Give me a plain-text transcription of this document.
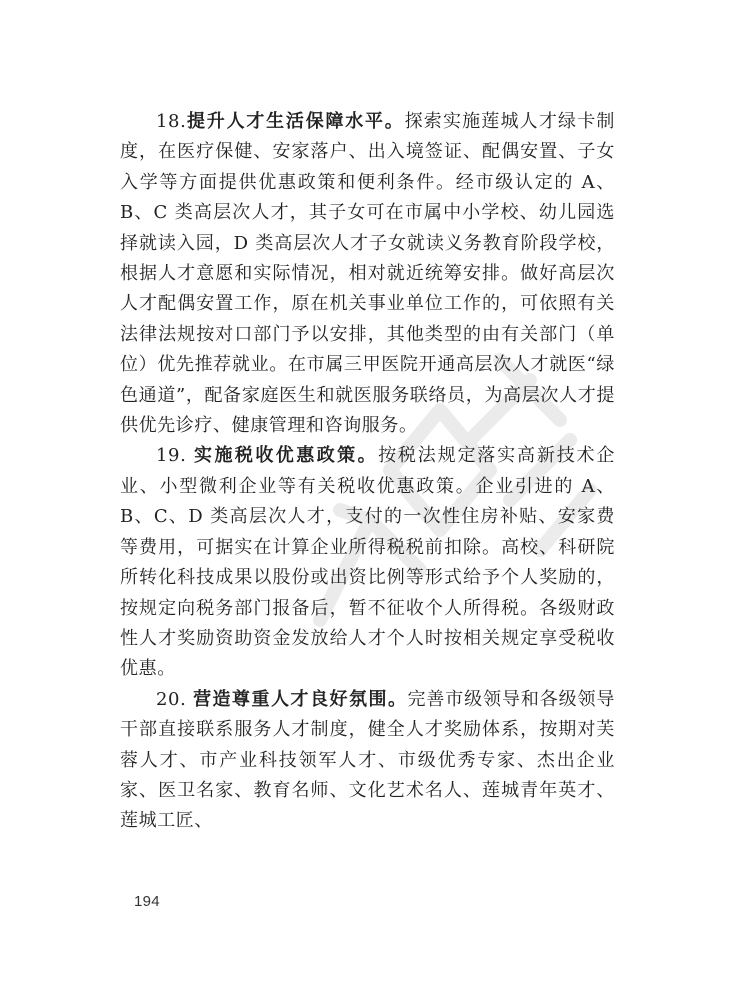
18.提升人才生活保障水平。探索实施莲城人才绿卡制度，在医疗保健、安家落户、出入境签证、配偶安置、子女入学等方面提供优惠政策和便利条件。经市级认定的 A、B、C 类高层次人才，其子女可在市属中小学校、幼儿园选择就读入园，D 类高层次人才子女就读义务教育阶段学校，根据人才意愿和实际情况，相对就近统筹安排。做好高层次人才配偶安置工作，原在机关事业单位工作的，可依照有关法律法规按对口部门予以安排，其他类型的由有关部门（单位）优先推荐就业。在市属三甲医院开通高层次人才就医“绿色通道”，配备家庭医生和就医服务联络员，为高层次人才提供优先诊疗、健康管理和咨询服务。

19. 实施税收优惠政策。按税法规定落实高新技术企业、小型微利企业等有关税收优惠政策。企业引进的 A、B、C、D 类高层次人才，支付的一次性住房补贴、安家费等费用，可据实在计算企业所得税税前扣除。高校、科研院所转化科技成果以股份或出资比例等形式给予个人奖励的，按规定向税务部门报备后，暂不征收个人所得税。各级财政性人才奖励资助资金发放给人才个人时按相关规定享受税收优惠。

20. 营造尊重人才良好氛围。完善市级领导和各级领导干部直接联系服务人才制度，健全人才奖励体系，按期对芙蓉人才、市产业科技领军人才、市级优秀专家、杰出企业家、医卫名家、教育名师、文化艺术名人、莲城青年英才、莲城工匠、

194
